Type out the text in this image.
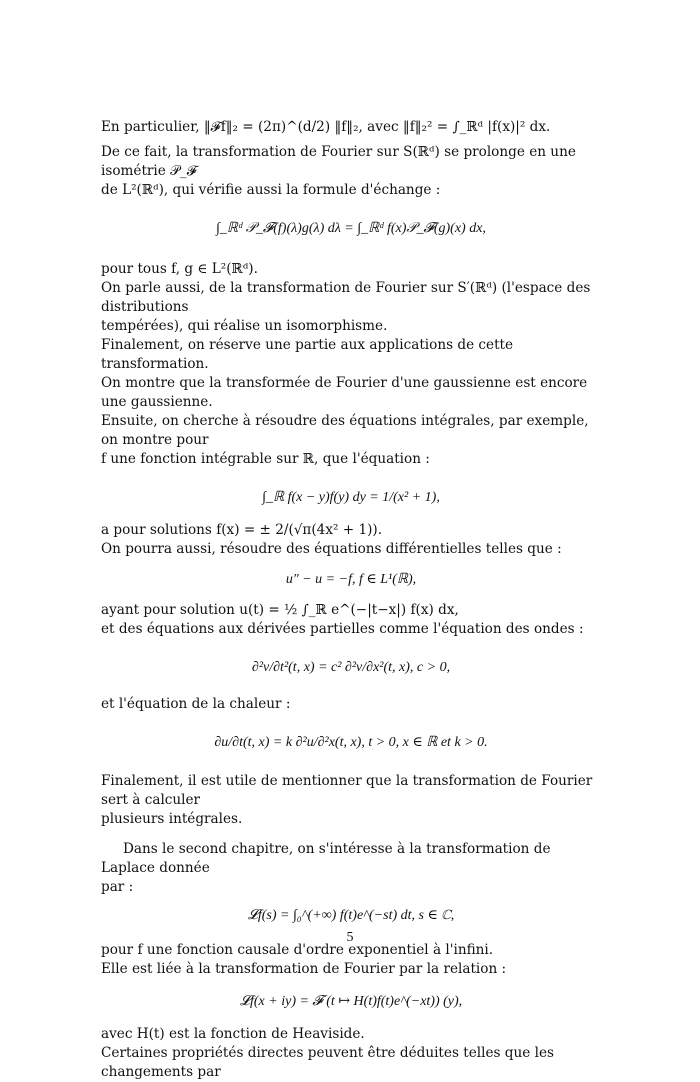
En particulier, ‖𝓕f‖₂ = (2π)^(d/2) ‖f‖₂, avec ‖f‖₂² = ∫_ℝᵈ |f(x)|² dx.

De ce fait, la transformation de Fourier sur S(ℝᵈ) se prolonge en une isométrie 𝒫_𝓕

de L²(ℝᵈ), qui vérifie aussi la formule d'échange :

∫_ℝᵈ 𝒫_𝓕(f)(λ)g(λ) dλ = ∫_ℝᵈ f(x)𝒫_𝓕(g)(x) dx,

pour tous f, g ∈ L²(ℝᵈ).

On parle aussi, de la transformation de Fourier sur S′(ℝᵈ) (l'espace des distributions

tempérées), qui réalise un isomorphisme.

Finalement, on réserve une partie aux applications de cette transformation.

On montre que la transformée de Fourier d'une gaussienne est encore une gaussienne.

Ensuite, on cherche à résoudre des équations intégrales, par exemple, on montre pour

f une fonction intégrable sur ℝ, que l'équation :

∫_ℝ f(x − y)f(y) dy = 1/(x² + 1),

a pour solutions f(x) = ± 2/(√π(4x² + 1)).

On pourra aussi, résoudre des équations différentielles telles que :

u″ − u = −f, f ∈ L¹(ℝ),

ayant pour solution u(t) = ½ ∫_ℝ e^(−|t−x|) f(x) dx,

et des équations aux dérivées partielles comme l'équation des ondes :

∂²v/∂t²(t, x) = c² ∂²v/∂x²(t, x), c > 0,

et l'équation de la chaleur :

∂u/∂t(t, x) = k ∂²u/∂²x(t, x), t > 0, x ∈ ℝ et k > 0.

Finalement, il est utile de mentionner que la transformation de Fourier sert à calculer

plusieurs intégrales.

Dans le second chapitre, on s'intéresse à la transformation de Laplace donnée

par :

𝓛f(s) = ∫₀^(+∞) f(t)e^(−st) dt, s ∈ ℂ,

pour f une fonction causale d'ordre exponentiel à l'infini.

Elle est liée à la transformation de Fourier par la relation :

𝓛f(x + iy) = 𝓕 (t ↦ H(t)f(t)e^(−xt)) (y),

avec H(t) est la fonction de Heaviside.

Certaines propriétés directes peuvent être déduites telles que les changements par

5
